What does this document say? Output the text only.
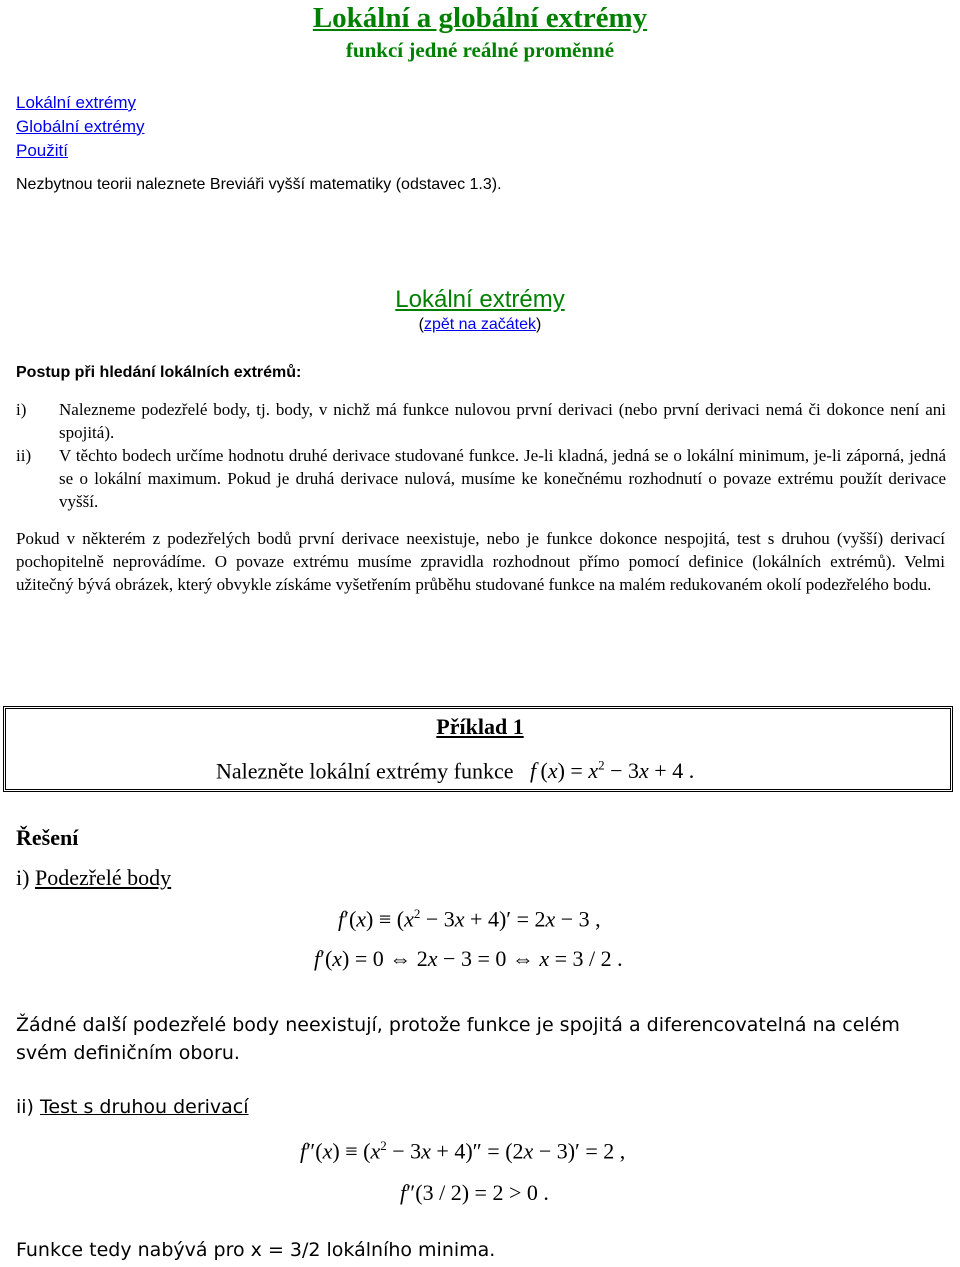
Lokální a globální extrémy
funkcí jedné reálné proměnné
Lokální extrémy
Globální extrémy
Použití
Nezbytnou teorii naleznete Breviáři vyšší matematiky (odstavec 1.3).
Lokální extrémy
(zpět na začátek)
Postup při hledání lokálních extrémů:
i) Nalezneme podezřelé body, tj. body, v nichž má funkce nulovou první derivaci (nebo první derivaci nemá či dokonce není ani spojitá).
ii) V těchto bodech určíme hodnotu druhé derivace studované funkce. Je-li kladná, jedná se o lokální minimum, je-li záporná, jedná se o lokální maximum. Pokud je druhá derivace nulová, musíme ke konečnému rozhodnutí o povaze extrému použít derivace vyšší.
Pokud v některém z podezřelých bodů první derivace neexistuje, nebo je funkce dokonce nespojitá, test s druhou (vyšší) derivací pochopitelně neprovádíme. O povaze extrému musíme zpravidla rozhodnout přímo pomocí definice (lokálních extrémů). Velmi užitečný bývá obrázek, který obvykle získáme vyšetřením průběhu studované funkce na malém redukovaném okolí podezřelého bodu.
Příklad 1
Nalezněte lokální extrémy funkce f $(x) = x^2 - 3x + 4$ .
Řešení
i) Podezřelé body
$f'(x) \equiv (x^2 - 3x + 4)' = 2x - 3$ ,
f′(x) = 0 ⇔ 2x − 3 = 0 ⇔ x = 3 / 2 .
Žádné další podezřelé body neexistují, protože funkce je spojitá a diferencovatelná na celém svém definičním oboru.
ii) Test s druhou derivací
$f''(x) \equiv (x^2 - 3x + 4)'' = (2x - 3)' = 2$ ,
f″(3 / 2) = 2 > 0 .
Funkce tedy nabývá pro x = 3/2 lokálního minima.
